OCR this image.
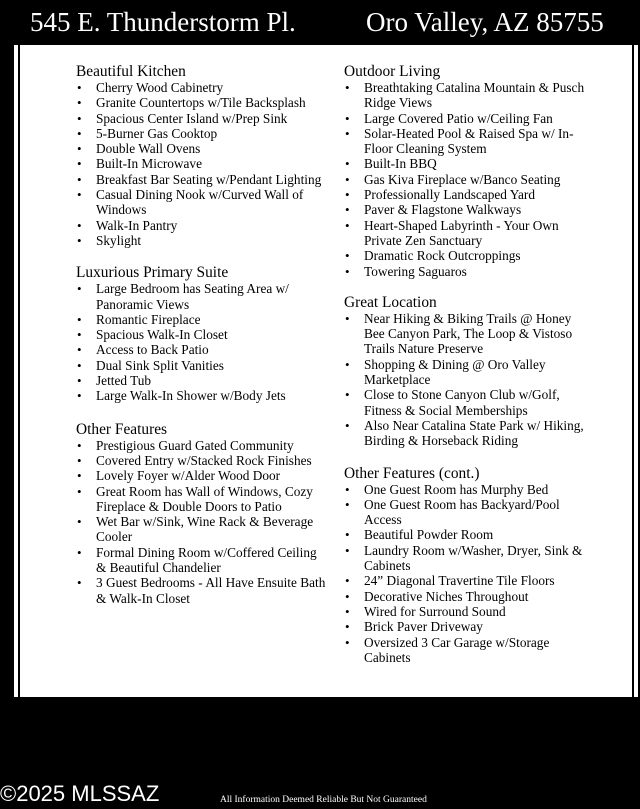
545 E. Thunderstorm Pl.	Oro Valley, AZ 85755
Beautiful Kitchen
• Cherry Wood Cabinetry
• Granite Countertops w/Tile Backsplash
• Spacious Center Island w/Prep Sink
• 5-Burner Gas Cooktop
• Double Wall Ovens
• Built-In Microwave
• Breakfast Bar Seating w/Pendant Lighting
• Casual Dining Nook w/Curved Wall of Windows
• Walk-In Pantry
• Skylight
Luxurious Primary Suite
• Large Bedroom has Seating Area w/ Panoramic Views
• Romantic Fireplace
• Spacious Walk-In Closet
• Access to Back Patio
• Dual Sink Split Vanities
• Jetted Tub
• Large Walk-In Shower w/Body Jets
Other Features
• Prestigious Guard Gated Community
• Covered Entry w/Stacked Rock Finishes
• Lovely Foyer w/Alder Wood Door
• Great Room has Wall of Windows, Cozy Fireplace & Double Doors to Patio
• Wet Bar w/Sink, Wine Rack & Beverage Cooler
• Formal Dining Room w/Coffered Ceiling & Beautiful Chandelier
• 3 Guest Bedrooms - All Have Ensuite Bath & Walk-In Closet
Outdoor Living
• Breathtaking Catalina Mountain & Pusch Ridge Views
• Large Covered Patio w/Ceiling Fan
• Solar-Heated Pool & Raised Spa w/ In-Floor Cleaning System
• Built-In BBQ
• Gas Kiva Fireplace w/Banco Seating
• Professionally Landscaped Yard
• Paver & Flagstone Walkways
• Heart-Shaped Labyrinth - Your Own Private Zen Sanctuary
• Dramatic Rock Outcroppings
• Towering Saguaros
Great Location
• Near Hiking & Biking Trails @ Honey Bee Canyon Park, The Loop & Vistoso Trails Nature Preserve
• Shopping & Dining @ Oro Valley Marketplace
• Close to Stone Canyon Club w/Golf, Fitness & Social Memberships
• Also Near Catalina State Park w/ Hiking, Birding & Horseback Riding
Other Features (cont.)
• One Guest Room has Murphy Bed
• One Guest Room has Backyard/Pool Access
• Beautiful Powder Room
• Laundry Room w/Washer, Dryer, Sink & Cabinets
• 24” Diagonal Travertine Tile Floors
• Decorative Niches Throughout
• Wired for Surround Sound
• Brick Paver Driveway
• Oversized 3 Car Garage w/Storage Cabinets
©2025 MLSSAZ	All Information Deemed Reliable But Not Guaranteed
